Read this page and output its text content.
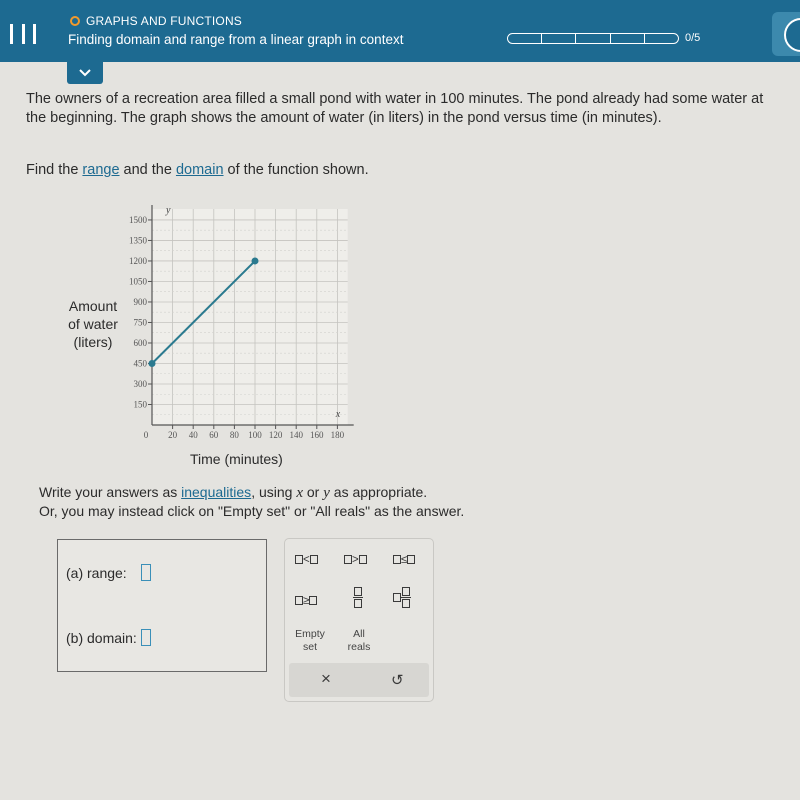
GRAPHS AND FUNCTIONS
Finding domain and range from a linear graph in context	0/5
The owners of a recreation area filled a small pond with water in 100 minutes. The pond already had some water at the beginning. The graph shows the amount of water (in liters) in the pond versus time (in minutes).
Find the range and the domain of the function shown.
y
x
150
300
450
600
750
900
1050
1200
1350
1500
20 40 60 80 100 120 140 160 180
0
Amount
of water
(liters)
Time (minutes)
Write your answers as inequalities, using x or y as appropriate.
Or, you may instead click on "Empty set" or "All reals" as the answer.
(a) range:
(b) domain:
<	>	≤
≥
Empty
set
All
reals
×	↺
